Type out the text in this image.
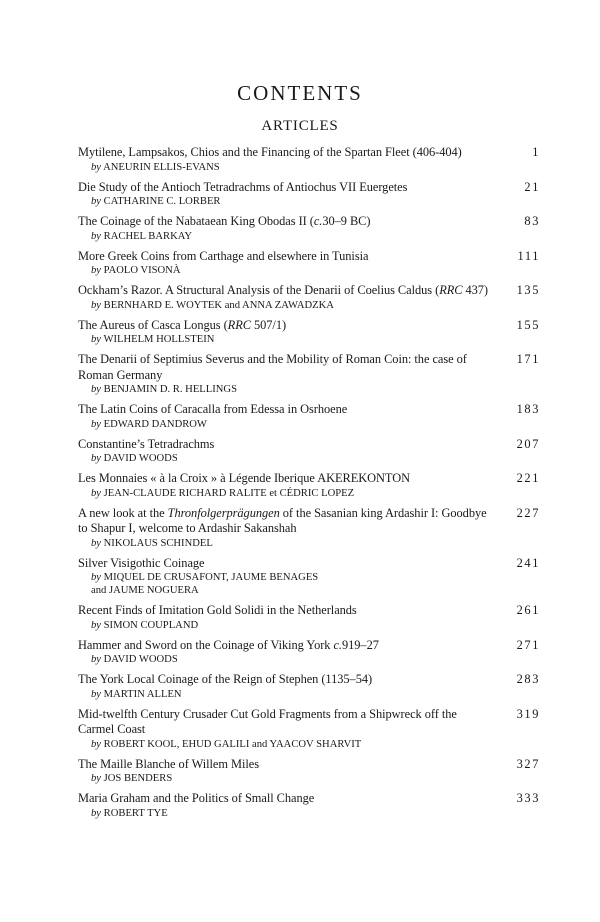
CONTENTS
ARTICLES
Mytilene, Lampsakos, Chios and the Financing of the Spartan Fleet (406-404)
by ANEURIN ELLIS-EVANS
1
Die Study of the Antioch Tetradrachms of Antiochus VII Euergetes
by CATHARINE C. LORBER
21
The Coinage of the Nabataean King Obodas II (c.30–9 BC)
by RACHEL BARKAY
83
More Greek Coins from Carthage and elsewhere in Tunisia
by PAOLO VISONÀ
111
Ockham’s Razor. A Structural Analysis of the Denarii of Coelius Caldus (RRC 437)
by BERNHARD E. WOYTEK and ANNA ZAWADZKA
135
The Aureus of Casca Longus (RRC 507/1)
by WILHELM HOLLSTEIN
155
The Denarii of Septimius Severus and the Mobility of Roman Coin: the case of
Roman Germany
by BENJAMIN D. R. HELLINGS
171
The Latin Coins of Caracalla from Edessa in Osrhoene
by EDWARD DANDROW
183
Constantine’s Tetradrachms
by DAVID WOODS
207
Les Monnaies « à la Croix » à Légende Iberique AKEREKONTON
by JEAN-CLAUDE RICHARD RALITE et CÉDRIC LOPEZ
221
A new look at the Thronfolgerprägungen of the Sasanian king Ardashir I: Goodbye
to Shapur I, welcome to Ardashir Sakanshah
by NIKOLAUS SCHINDEL
227
Silver Visigothic Coinage
by MIQUEL DE CRUSAFONT, JAUME BENAGES
and JAUME NOGUERA
241
Recent Finds of Imitation Gold Solidi in the Netherlands
by SIMON COUPLAND
261
Hammer and Sword on the Coinage of Viking York c.919–27
by DAVID WOODS
271
The York Local Coinage of the Reign of Stephen (1135–54)
by MARTIN ALLEN
283
Mid-twelfth Century Crusader Cut Gold Fragments from a Shipwreck off the
Carmel Coast
by ROBERT KOOL, EHUD GALILI and YAACOV SHARVIT
319
The Maille Blanche of Willem Miles
by JOS BENDERS
327
Maria Graham and the Politics of Small Change
by ROBERT TYE
333
